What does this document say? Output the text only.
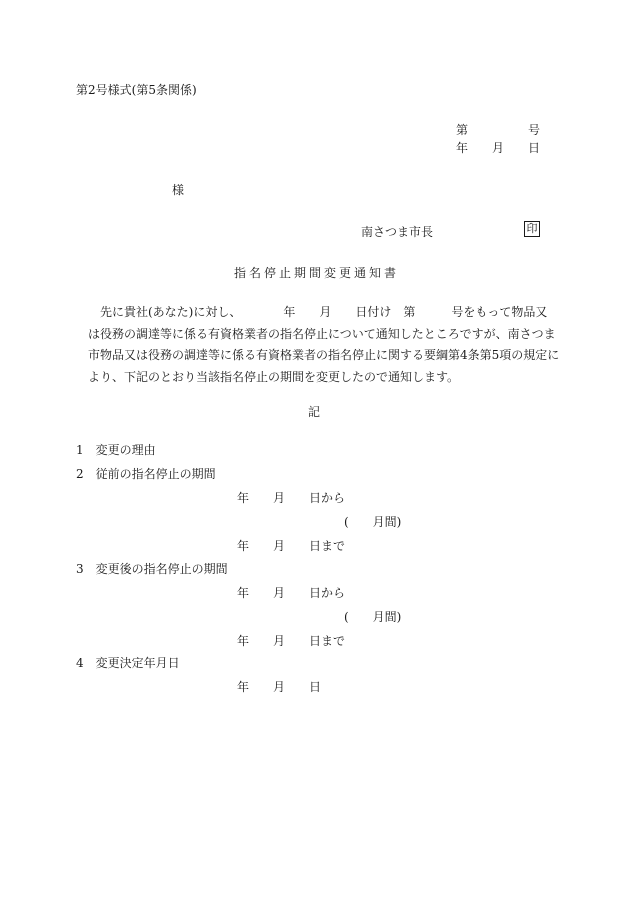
第2号様式(第5条関係)
第	号
年 月 日
様
南さつま市長	印
指名停止期間変更通知書

先に貴社(あなた)に対し、　　　　年　　月　　日付け　第　　　号をもって物品又
は役務の調達等に係る有資格業者の指名停止について通知したところですが、南さつま
市物品又は役務の調達等に係る有資格業者の指名停止に関する要綱第4条第5項の規定に
より、下記のとおり当該指名停止の期間を変更したので通知します。

記
1　変更の理由
2　従前の指名停止の期間
年 月 日から
(　　月間)
年 月 日まで
3　変更後の指名停止の期間
年 月 日から
(　　月間)
年 月 日まで
4　変更決定年月日
年 月 日
